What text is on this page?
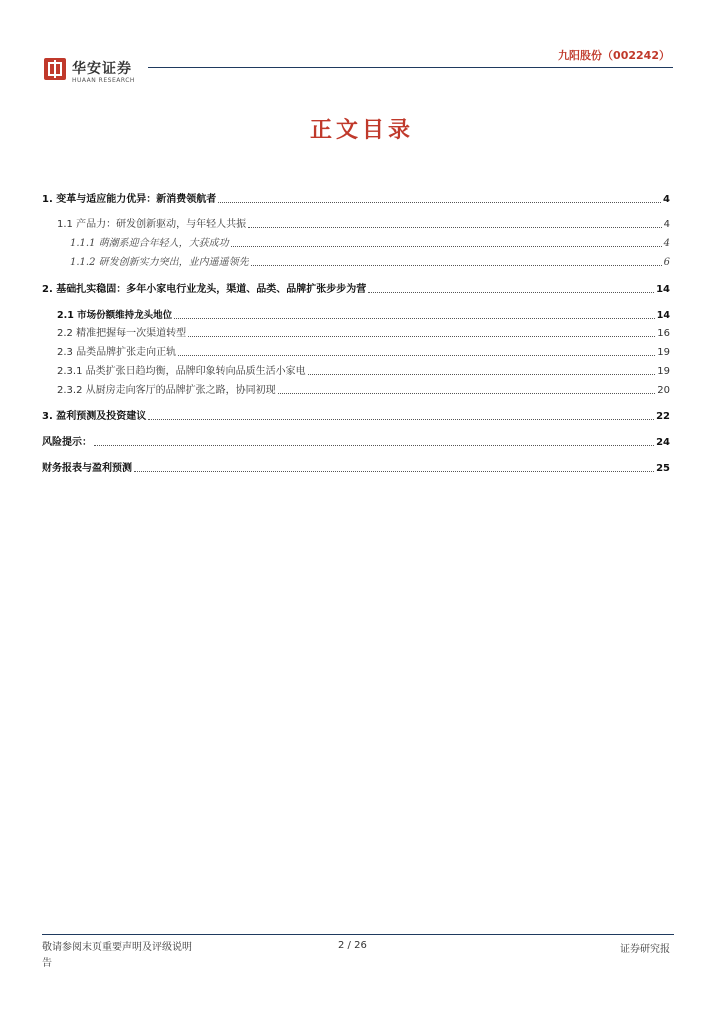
华安证券
HUAAN RESEARCH
九阳股份（002242）
正文目录
1. 变革与适应能力优异：新消费领航者	4
1.1 产品力：研发创新驱动，与年轻人共振	4
1.1.1 萌潮系迎合年轻人，大获成功	4
1.1.2 研发创新实力突出，业内遥遥领先	6
2. 基础扎实稳固：多年小家电行业龙头，渠道、品类、品牌扩张步步为营	14
2.1 市场份额维持龙头地位	14
2.2 精准把握每一次渠道转型	16
2.3 品类品牌扩张走向正轨	19
2.3.1 品类扩张日趋均衡，品牌印象转向品质生活小家电	19
2.3.2 从厨房走向客厅的品牌扩张之路，协同初现	20
3. 盈利预测及投资建议	22
风险提示：	24
财务报表与盈利预测	25
敬请参阅末页重要声明及评级说明
告
2 / 26	证券研究报
